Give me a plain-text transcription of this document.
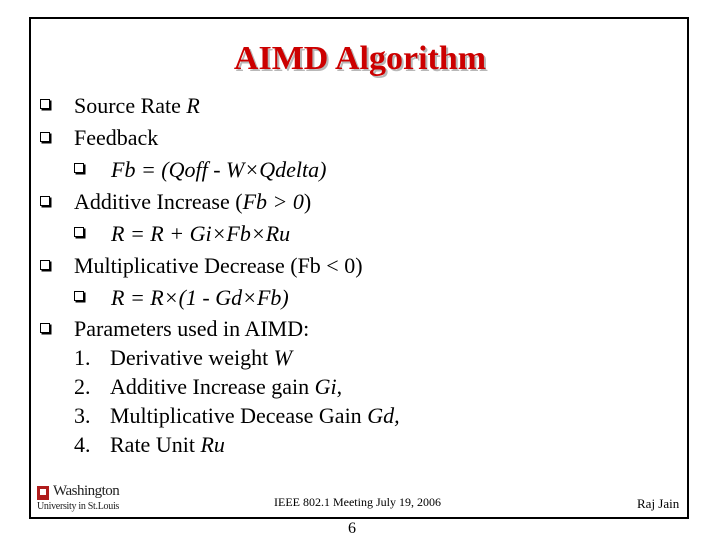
AIMD Algorithm
Source Rate R
Feedback
Fb = (Qoff - W×Qdelta)
Additive Increase (Fb > 0)
R = R + Gi×Fb×Ru
Multiplicative Decrease (Fb < 0)
R = R×(1 - Gd×Fb)
Parameters used in AIMD:
1. Derivative weight W
2. Additive Increase gain Gi,
3. Multiplicative Decease Gain Gd,
4. Rate Unit Ru
Washington
University in St.Louis	IEEE 802.1 Meeting July 19, 2006	Raj Jain
6
